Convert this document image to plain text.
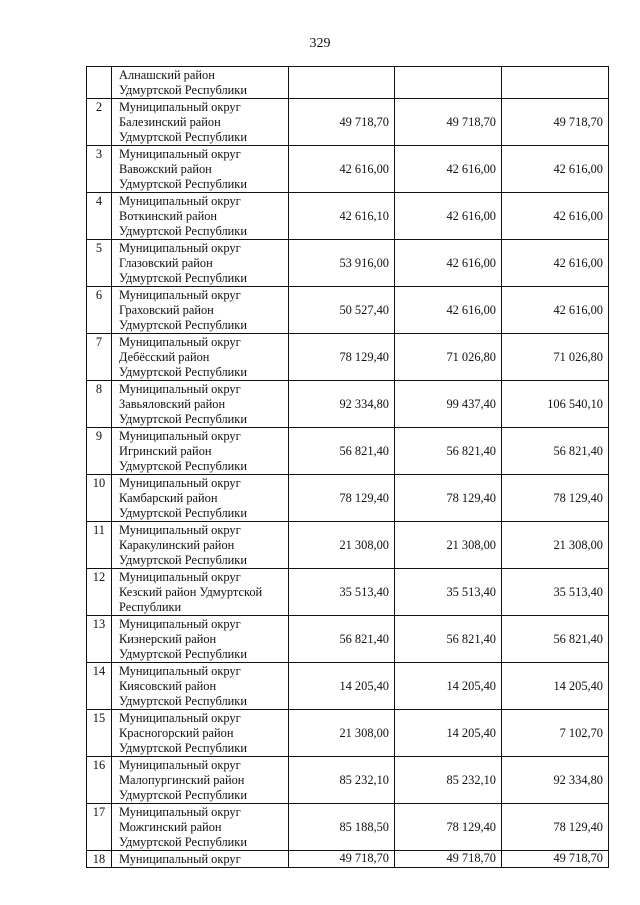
329

	Алнашский район
Удмуртской Республики			

2	Муниципальный округ
Балезинский район
Удмуртской Республики	49 718,70	49 718,70	49 718,70
3	Муниципальный округ
Вавожский район
Удмуртской Республики	42 616,00	42 616,00	42 616,00
4	Муниципальный округ
Воткинский район
Удмуртской Республики	42 616,10	42 616,00	42 616,00
5	Муниципальный округ
Глазовский район
Удмуртской Республики	53 916,00	42 616,00	42 616,00
6	Муниципальный округ
Граховский район
Удмуртской Республики	50 527,40	42 616,00	42 616,00
7	Муниципальный округ
Дебёсский район
Удмуртской Республики	78 129,40	71 026,80	71 026,80
8	Муниципальный округ
Завьяловский район
Удмуртской Республики	92 334,80	99 437,40	106 540,10
9	Муниципальный округ
Игринский район
Удмуртской Республики	56 821,40	56 821,40	56 821,40
10	Муниципальный округ
Камбарский район
Удмуртской Республики	78 129,40	78 129,40	78 129,40
11	Муниципальный округ
Каракулинский район
Удмуртской Республики	21 308,00	21 308,00	21 308,00
12	Муниципальный округ
Кезский район Удмуртской
Республики	35 513,40	35 513,40	35 513,40
13	Муниципальный округ
Кизнерский район
Удмуртской Республики	56 821,40	56 821,40	56 821,40
14	Муниципальный округ
Киясовский район
Удмуртской Республики	14 205,40	14 205,40	14 205,40
15	Муниципальный округ
Красногорский район
Удмуртской Республики	21 308,00	14 205,40	7 102,70
16	Муниципальный округ
Малопургинский район
Удмуртской Республики	85 232,10	85 232,10	92 334,80
17	Муниципальный округ
Можгинский район
Удмуртской Республики	85 188,50	78 129,40	78 129,40
18	Муниципальный округ	49 718,70	49 718,70	49 718,70
